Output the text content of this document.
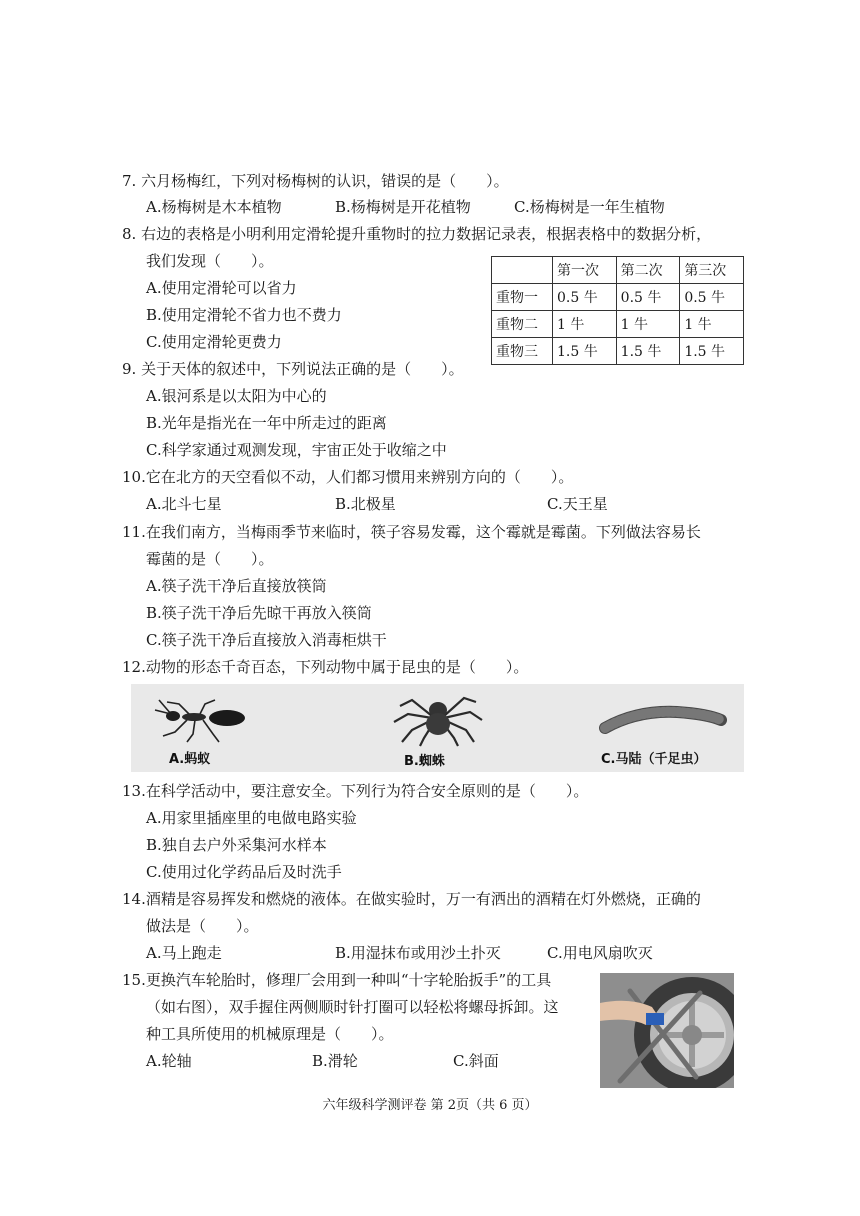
7. 六月杨梅红，下列对杨梅树的认识，错误的是（　　）。
A.杨梅树是木本植物	B.杨梅树是开花植物	C.杨梅树是一年生植物
8. 右边的表格是小明利用定滑轮提升重物时的拉力数据记录表，根据表格中的数据分析，
我们发现（　　）。
A.使用定滑轮可以省力
B.使用定滑轮不省力也不费力
C.使用定滑轮更费力
	第一次	第二次	第三次
重物一	0.5 牛	0.5 牛	0.5 牛
重物二	1 牛	1 牛	1 牛
重物三	1.5 牛	1.5 牛	1.5 牛
9. 关于天体的叙述中，下列说法正确的是（　　）。
A.银河系是以太阳为中心的
B.光年是指光在一年中所走过的距离
C.科学家通过观测发现，宇宙正处于收缩之中
10.它在北方的天空看似不动，人们都习惯用来辨别方向的（　　）。
A.北斗七星	B.北极星	C.天王星
11.在我们南方，当梅雨季节来临时，筷子容易发霉，这个霉就是霉菌。下列做法容易长
霉菌的是（　　）。
A.筷子洗干净后直接放筷筒
B.筷子洗干净后先晾干再放入筷筒
C.筷子洗干净后直接放入消毒柜烘干
12.动物的形态千奇百态，下列动物中属于昆虫的是（　　）。
A.蚂蚁	B.蜘蛛	C.马陆（千足虫）
13.在科学活动中，要注意安全。下列行为符合安全原则的是（　　）。
A.用家里插座里的电做电路实验
B.独自去户外采集河水样本
C.使用过化学药品后及时洗手
14.酒精是容易挥发和燃烧的液体。在做实验时，万一有洒出的酒精在灯外燃烧，正确的
做法是（　　）。
A.马上跑走	B.用湿抹布或用沙土扑灭	C.用电风扇吹灭
15.更换汽车轮胎时，修理厂会用到一种叫“十字轮胎扳手”的工具
（如右图），双手握住两侧顺时针打圈可以轻松将螺母拆卸。这
种工具所使用的机械原理是（　　）。
A.轮轴	B.滑轮	C.斜面
六年级科学测评卷 第 2页（共 6 页）
